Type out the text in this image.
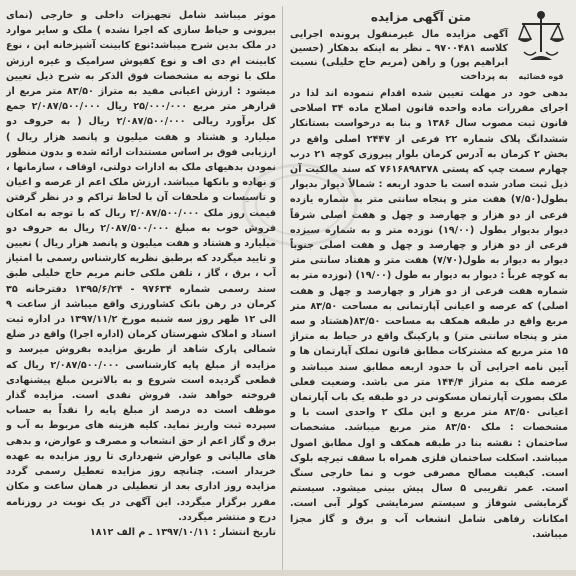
قوه قضائیه
متن آگهی مزایده

آگهی مزایده مال غیرمنقول پرونده اجرایی کلاسه ۹۷۰۰۴۸۱ ـ نظر به اینکه بدهکار (حسین ابراهیم پور) و راهن (مریم حاج خلیلی) نسبت به پرداخت

بدهی خود در مهلت تعیین شده اقدام ننموده اند لذا در اجرای مقررات ماده واحده قانون اصلاح ماده ۳۴ اصلاحی قانون ثبت مصوب سال ۱۳۸۶ و بنا به درخواست بستانکار ششدانگ پلاک شماره ۲۲ فرعی از ۲۴۴۷ اصلی واقع در بخش ۲ کرمان به آدرس کرمان بلوار پیروزی کوچه ۲۱ درب چهارم سمت چپ که پستی ۷۶۱۶۸۹۸۳۷۸ که سند مالکیت آن ذیل ثبت صادر شده است با حدود اربعه : شمالاً دیوار بدیوار بطول(۷/۵۰) هفت متر و پنجاه سانتی متر به شماره یازده فرعی از دو هزار و چهارصد و چهل و هفت اصلی شرقاً دیوار بدیوار بطول (۱۹/۰۰) نوزده متر و به شماره سیزده فرعی از دو هزار و چهارصد و چهل و هفت اصلی جنوباً دیوار به دیوار به طول(۷/۷۰) هفت متر و هفتاد سانتی متر به کوچه غرباً : دیوار به دیوار به طول (۱۹/۰۰) (نوزده متر به شماره هفت فرعی از دو هزار و چهارصد و چهل و هفت اصلی) که عرصه و اعیانی آپارتمانی به مساحت ۸۳/۵۰ متر مربع واقع در طبقه همکف به مساحت ۸۳/۵۰(هشتاد و سه متر و پنجاه سانتی متر) و پارکینگ واقع در حیاط به متراژ ۱۵ متر مربع که مشترکات مطابق قانون تملک آپارتمان ها و آیین نامه اجرایی آن با حدود اربعه مطابق سند میباشد و عرصه ملک به متراژ ۱۴۴/۴ متر می باشد. وضعیت فعلی ملک بصورت آپارتمان مسکونی در دو طبقه یک باب آپارتمان اعیانی ۸۳/۵۰ متر مربع و این ملک ۲ واحدی است با و مشخصات : ملک ۸۳/۵۰ متر مربع میباشد. مشخصات ساختمان : نقشه بنا در طبقه همکف و اول مطابق اصول میباشد. اسکلت ساختمان فلزی همراه با سقف تیرچه بلوک است. کیفیت مصالح مصرفی خوب و نما خارجی سنگ است. عمر تقریبی ۵ سال پیش بینی میشود. سیستم گرمایشی شوفاژ و سیستم سرمایشی کولر آبی است. امکانات رفاهی شامل انشعاب آب و برق و گاز مجزا میباشد.

موثر میباشد شامل تجهیزات داخلی و خارجی (نمای بیرونی و حیاط سازی که اجرا نشده ) ملک و سایر موارد در ملک بدین شرح میباشد:نوع کابینت آشپزخانه اپن ، نوع کابینت ام دی اف و نوع کفپوش سرامیک و غیره ارزش ملک با توجه به مشخصات فوق الذکر به شرح ذیل تعیین میشود : ارزش اعیانی مفید به متراژ ۸۳/۵۰ متر مربع از قرارهر متر مربع ۲۵/۰۰۰/۰۰۰ ریال ۲/۰۸۷/۵۰۰/۰۰۰ جمع کل برآورد ریالی ۲/۰۸۷/۵۰۰/۰۰۰ ریال ( به حروف دو میلیارد و هشتاد و هفت میلیون و پانصد هزار ریال ) ارزیابی فوق بر اساس مستندات ارائه شده و بدون منظور نمودن بدهیهای ملک به ادارات دولتی، اوقاف ، سازمانها ، و نهاده و بانکها میباشد. ارزش ملک اعم از عرصه و اعیان و تاسیسات و ملحقات آن با لحاظ تراکم و در نظر گرفتن قیمت روز ملک ۲/۰۸۷/۵۰۰/۰۰۰ ریال که با توجه به امکان فروش خوب به مبلغ ۲/۰۸۷/۵۰۰/۰۰۰ ریال به حروف دو میلیارد و هشتاد و هفت میلیون و پانصد هزار ریال ) تعیین و تایید میگردد که برطبق نظریه کارشناس رسمی با امتیاز آب ، برق ، گاز ، تلفن ملکی خانم مریم حاج خلیلی طبق سند رسمی شماره ۹۷۶۳۴ - ۱۳۹۵/۶/۲۴ دفترخانه ۳۵ کرمان در رهن بانک کشاورزی واقع میباشد از ساعت ۹ الی ۱۲ ظهر روز سه شنبه مورخ ۱۳۹۷/۱۱/۲ در اداره ثبت اسناد و املاک شهرستان کرمان (اداره اجرا) واقع در ضلع شمالی پارک شاهد از طریق مزایده بفروش میرسد و مزایده از مبلغ پایه کارشناسی ۲/۰۸۷/۵۰۰/۰۰۰ ریال که قطعی گردیده است شروع و به بالاترین مبلغ پیشنهادی فروخته خواهد شد. فروش نقدی است. مزایده‌ گذار موظف است ده درصد از مبلغ پایه را نقداً به حساب سپرده ثبت واریز نماید. کلیه هزینه‌ های مربوط به آب و برق و گاز اعم از حق انشعاب و مصرف و عوارض، و بدهی‌ های مالیاتی و عوارض شهرداری تا روز مزایده به عهده خریدار است. چنانچه روز مزایده تعطیل رسمی گردد مزایده روز اداری بعد از تعطیلی در همان ساعت و مکان مقرر برگزار میگردد. این آگهی در یک نوبت در روزنامه درج و منتشر میگردد.

تاریخ انتشار : ۱۳۹۷/۱۰/۱۱ ـ م الف ۱۸۱۲
